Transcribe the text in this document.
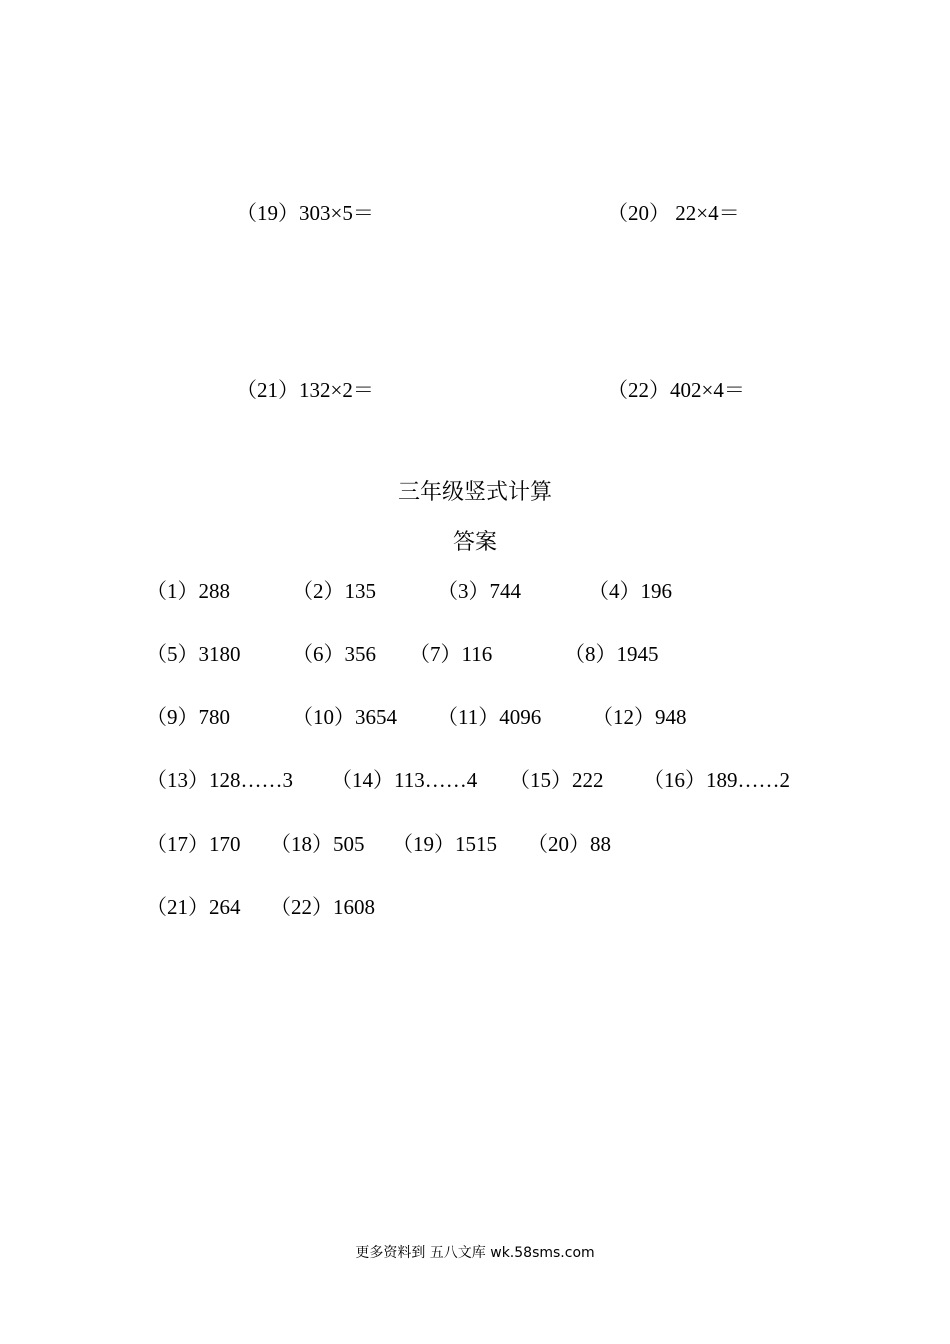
（19）303×5＝	（20） 22×4＝
（21）132×2＝	（22）402×4＝
三年级竖式计算
答案
（1）288	（2）135	（3）744	（4）196
（5）3180 （6）356 （7）116	（8）1945
（9）780	（10）3654 （11）4096 （12）948
（13）128……3 （14）113……4 （15）222 （16）189……2
（17）170 （18）505 （19）1515 （20）88
（21）264 （22）1608
更多资料到 五八文库 wk.58sms.com
